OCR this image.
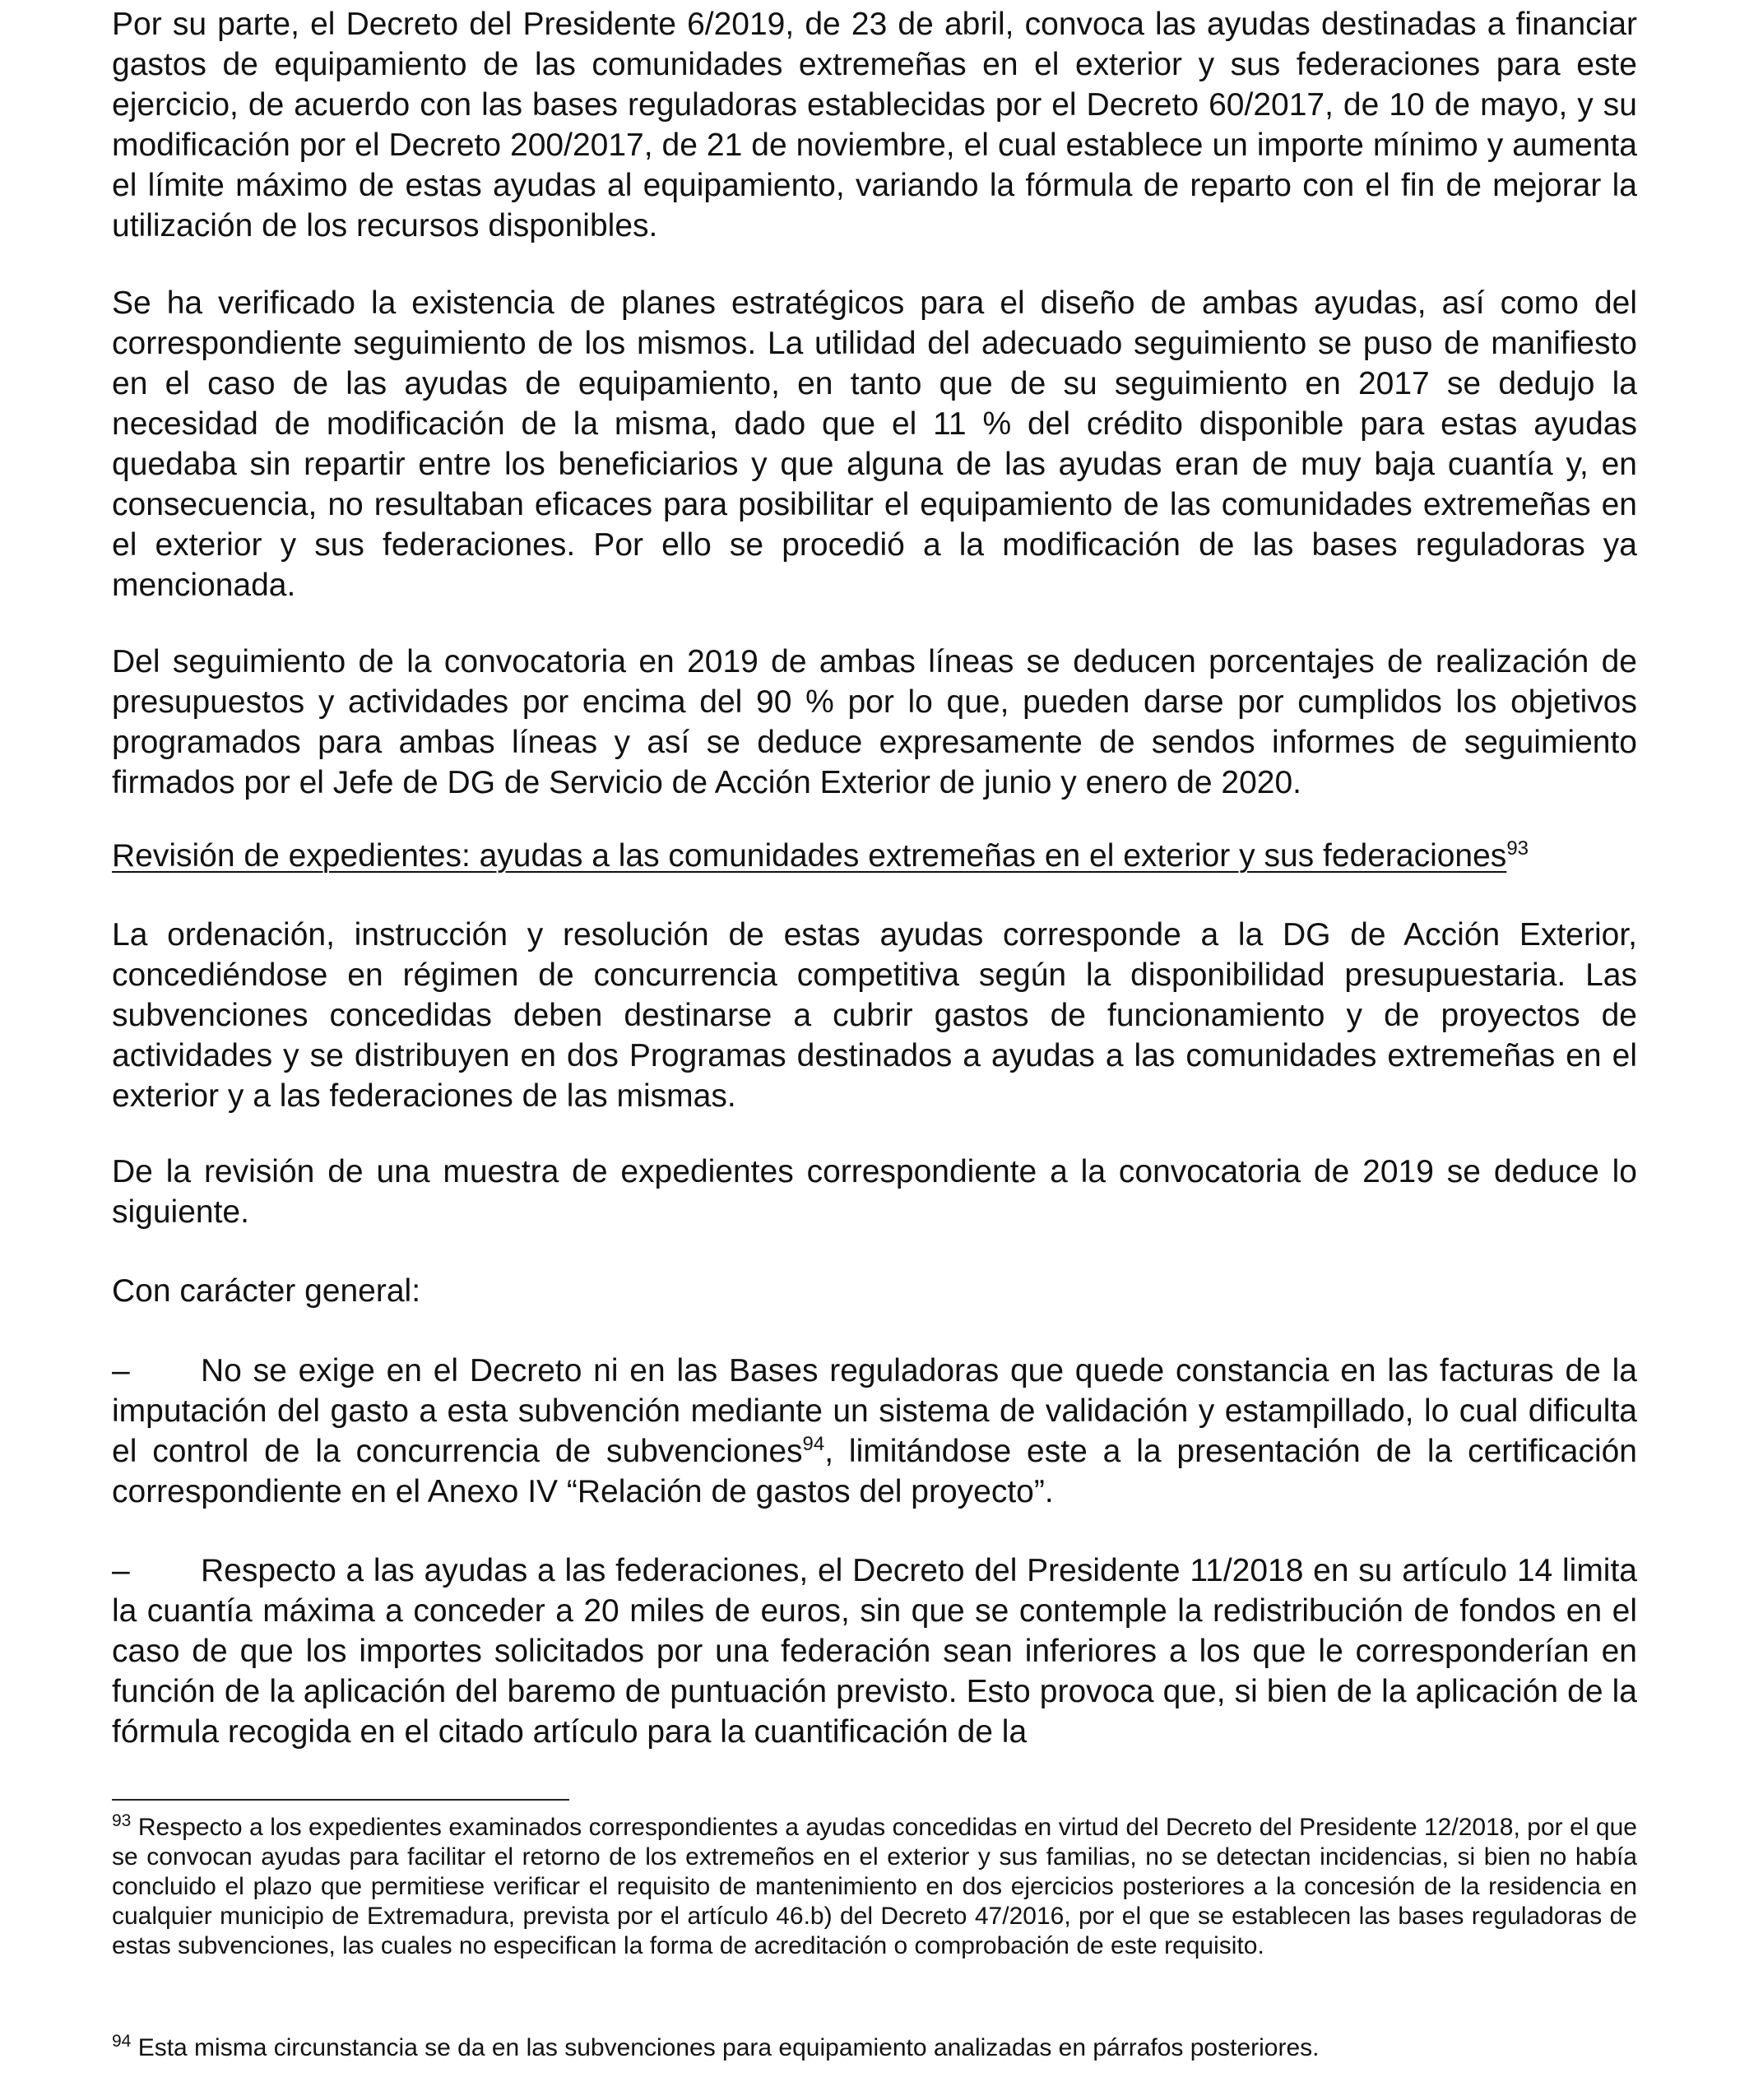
Por su parte, el Decreto del Presidente 6/2019, de 23 de abril, convoca las ayudas destinadas a financiar gastos de equipamiento de las comunidades extremeñas en el exterior y sus federaciones para este ejercicio, de acuerdo con las bases reguladoras establecidas por el Decreto 60/2017, de 10 de mayo, y su modificación por el Decreto 200/2017, de 21 de noviembre, el cual establece un importe mínimo y aumenta el límite máximo de estas ayudas al equipamiento, variando la fórmula de reparto con el fin de mejorar la utilización de los recursos disponibles.

Se ha verificado la existencia de planes estratégicos para el diseño de ambas ayudas, así como del correspondiente seguimiento de los mismos. La utilidad del adecuado seguimiento se puso de manifiesto en el caso de las ayudas de equipamiento, en tanto que de su seguimiento en 2017 se dedujo la necesidad de modificación de la misma, dado que el 11 % del crédito disponible para estas ayudas quedaba sin repartir entre los beneficiarios y que alguna de las ayudas eran de muy baja cuantía y, en consecuencia, no resultaban eficaces para posibilitar el equipamiento de las comunidades extremeñas en el exterior y sus federaciones. Por ello se procedió a la modificación de las bases reguladoras ya mencionada.

Del seguimiento de la convocatoria en 2019 de ambas líneas se deducen porcentajes de realización de presupuestos y actividades por encima del 90 % por lo que, pueden darse por cumplidos los objetivos programados para ambas líneas y así se deduce expresamente de sendos informes de seguimiento firmados por el Jefe de DG de Servicio de Acción Exterior de junio y enero de 2020.

Revisión de expedientes: ayudas a las comunidades extremeñas en el exterior y sus federaciones$^{93}$

La ordenación, instrucción y resolución de estas ayudas corresponde a la DG de Acción Exterior, concediéndose en régimen de concurrencia competitiva según la disponibilidad presupuestaria. Las subvenciones concedidas deben destinarse a cubrir gastos de funcionamiento y de proyectos de actividades y se distribuyen en dos Programas destinados a ayudas a las comunidades extremeñas en el exterior y a las federaciones de las mismas.

De la revisión de una muestra de expedientes correspondiente a la convocatoria de 2019 se deduce lo siguiente.

Con carácter general:

– No se exige en el Decreto ni en las Bases reguladoras que quede constancia en las facturas de la imputación del gasto a esta subvención mediante un sistema de validación y estampillado, lo cual dificulta el control de la concurrencia de subvenciones$^{94}$, limitándose este a la presentación de la certificación correspondiente en el Anexo IV “Relación de gastos del proyecto”.

– Respecto a las ayudas a las federaciones, el Decreto del Presidente 11/2018 en su artículo 14 limita la cuantía máxima a conceder a 20 miles de euros, sin que se contemple la redistribución de fondos en el caso de que los importes solicitados por una federación sean inferiores a los que le corresponderían en función de la aplicación del baremo de puntuación previsto. Esto provoca que, si bien de la aplicación de la fórmula recogida en el citado artículo para la cuantificación de la

$^{93}$ Respecto a los expedientes examinados correspondientes a ayudas concedidas en virtud del Decreto del Presidente 12/2018, por el que se convocan ayudas para facilitar el retorno de los extremeños en el exterior y sus familias, no se detectan incidencias, si bien no había concluido el plazo que permitiese verificar el requisito de mantenimiento en dos ejercicios posteriores a la concesión de la residencia en cualquier municipio de Extremadura, prevista por el artículo 46.b) del Decreto 47/2016, por el que se establecen las bases reguladoras de estas subvenciones, las cuales no especifican la forma de acreditación o comprobación de este requisito.

$^{94}$ Esta misma circunstancia se da en las subvenciones para equipamiento analizadas en párrafos posteriores.
